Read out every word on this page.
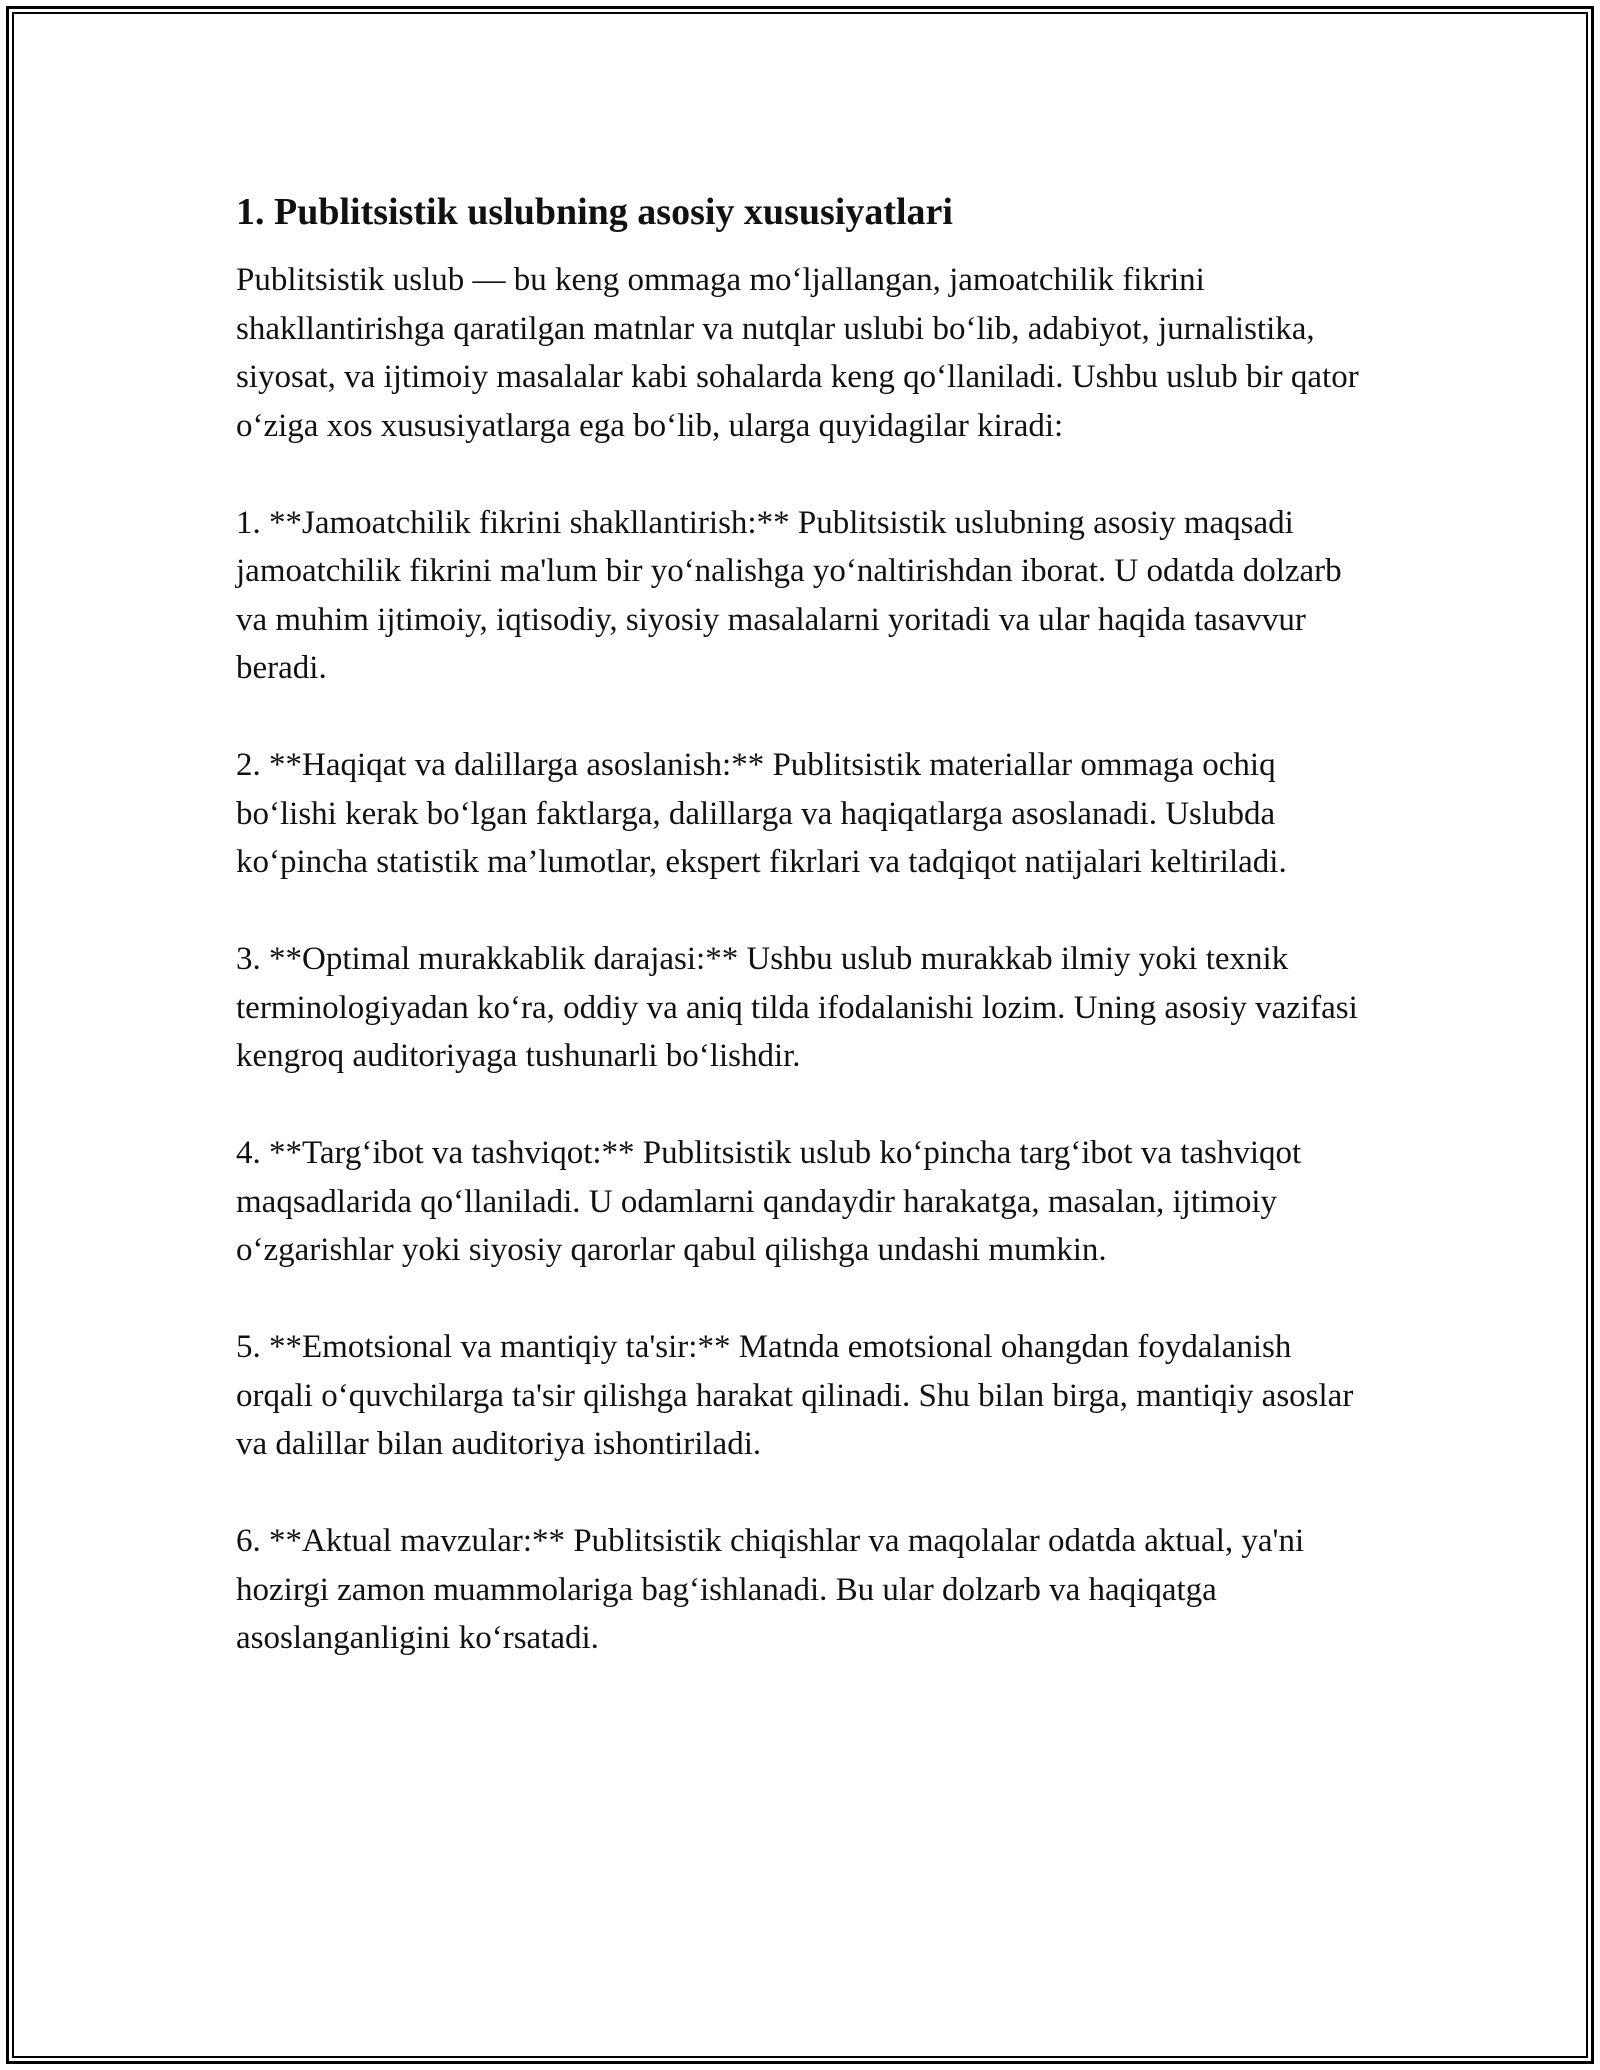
1. Publitsistik uslubning asosiy xususiyatlari

Publitsistik uslub — bu keng ommaga mo‘ljallangan, jamoatchilik fikrini shakllantirishga qaratilgan matnlar va nutqlar uslubi bo‘lib, adabiyot, jurnalistika, siyosat, va ijtimoiy masalalar kabi sohalarda keng qo‘llaniladi. Ushbu uslub bir qator o‘ziga xos xususiyatlarga ega bo‘lib, ularga quyidagilar kiradi:

1. **Jamoatchilik fikrini shakllantirish:** Publitsistik uslubning asosiy maqsadi jamoatchilik fikrini ma'lum bir yo‘nalishga yo‘naltirishdan iborat. U odatda dolzarb va muhim ijtimoiy, iqtisodiy, siyosiy masalalarni yoritadi va ular haqida tasavvur beradi.

2. **Haqiqat va dalillarga asoslanish:** Publitsistik materiallar ommaga ochiq bo‘lishi kerak bo‘lgan faktlarga, dalillarga va haqiqatlarga asoslanadi. Uslubda ko‘pincha statistik ma’lumotlar, ekspert fikrlari va tadqiqot natijalari keltiriladi.

3. **Optimal murakkablik darajasi:** Ushbu uslub murakkab ilmiy yoki texnik terminologiyadan ko‘ra, oddiy va aniq tilda ifodalanishi lozim. Uning asosiy vazifasi kengroq auditoriyaga tushunarli bo‘lishdir.

4. **Targ‘ibot va tashviqot:** Publitsistik uslub ko‘pincha targ‘ibot va tashviqot maqsadlarida qo‘llaniladi. U odamlarni qandaydir harakatga, masalan, ijtimoiy o‘zgarishlar yoki siyosiy qarorlar qabul qilishga undashi mumkin.

5. **Emotsional va mantiqiy ta'sir:** Matnda emotsional ohangdan foydalanish orqali o‘quvchilarga ta'sir qilishga harakat qilinadi. Shu bilan birga, mantiqiy asoslar va dalillar bilan auditoriya ishontiriladi.

6. **Aktual mavzular:** Publitsistik chiqishlar va maqolalar odatda aktual, ya'ni hozirgi zamon muammolariga bag‘ishlanadi. Bu ular dolzarb va haqiqatga asoslanganligini ko‘rsatadi.
